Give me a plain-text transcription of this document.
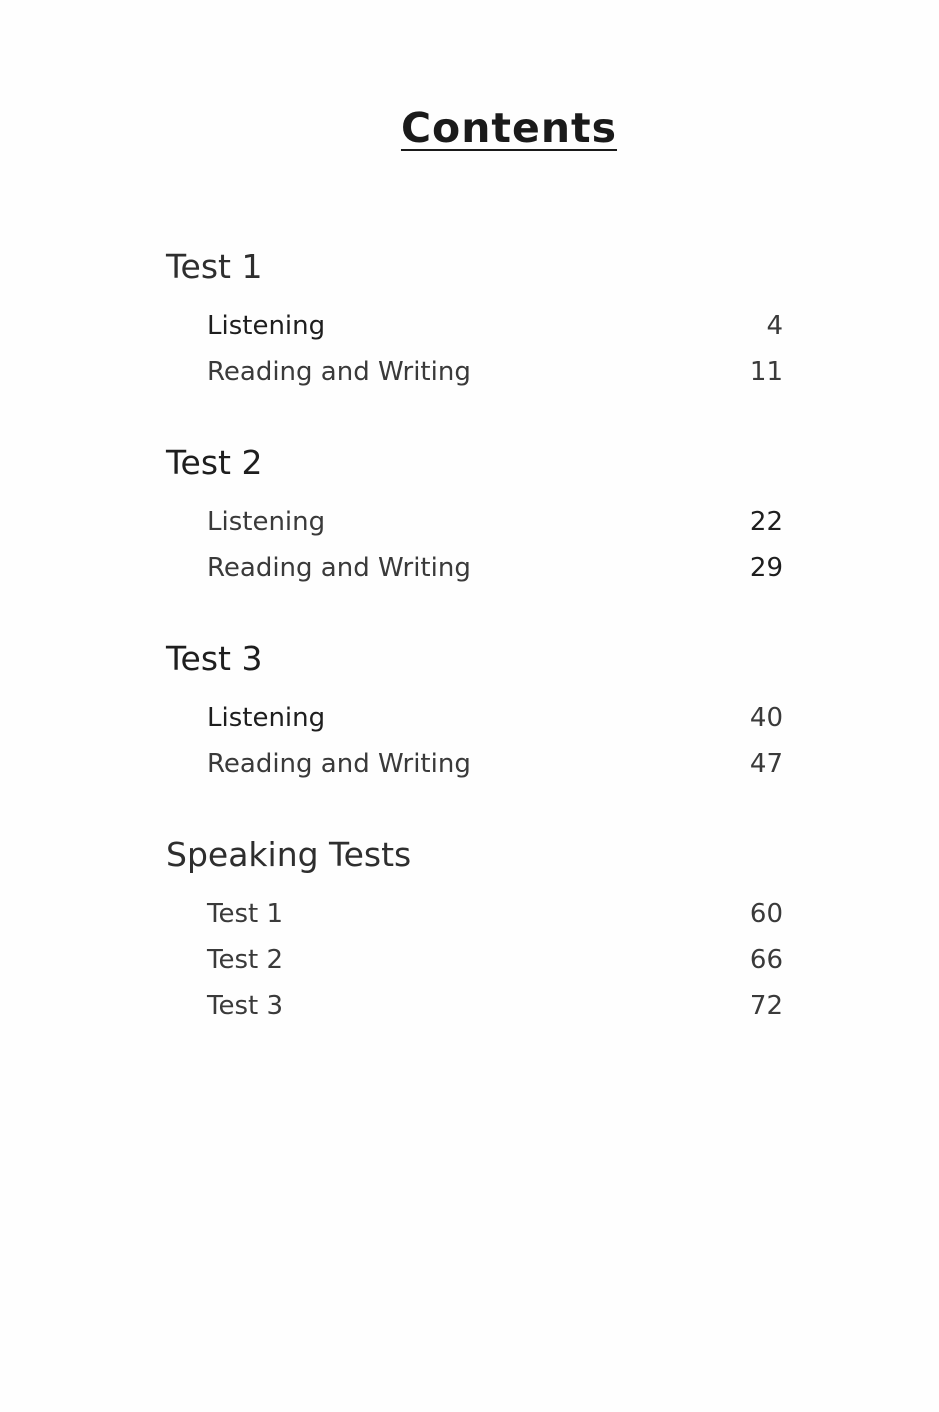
Contents
Test 1
Listening	4
Reading and Writing	11
Test 2
Listening	22
Reading and Writing	29
Test 3
Listening	40
Reading and Writing	47
Speaking Tests
Test 1	60
Test 2	66
Test 3	72
